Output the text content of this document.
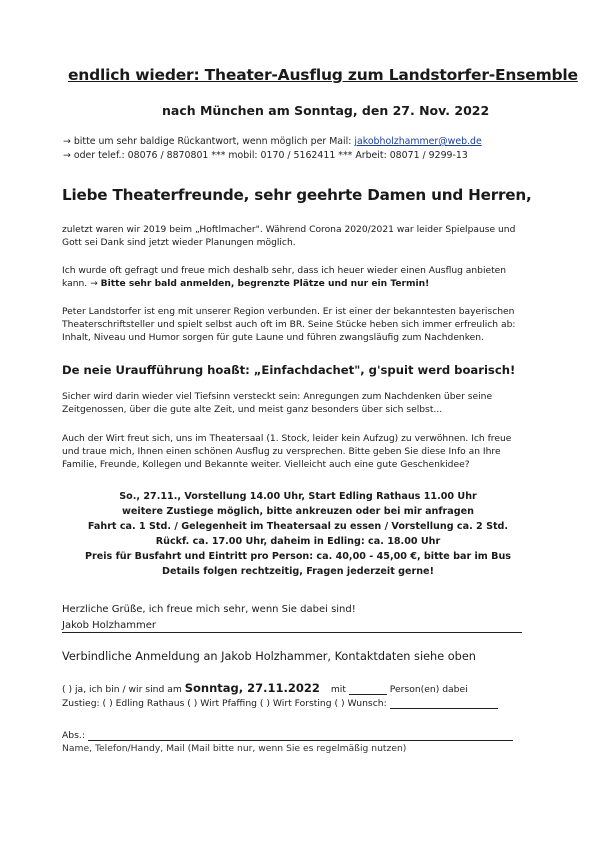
endlich wieder: Theater-Ausflug zum Landstorfer-Ensemble
nach München am Sonntag, den 27. Nov. 2022
→ bitte um sehr baldige Rückantwort, wenn möglich per Mail: jakobholzhammer@web.de
→ oder telef.: 08076 / 8870801 *** mobil: 0170 / 5162411 *** Arbeit: 08071 / 9299-13
Liebe Theaterfreunde, sehr geehrte Damen und Herren,
zuletzt waren wir 2019 beim „Hoftlmacher". Während Corona 2020/2021 war leider Spielpause und
Gott sei Dank sind jetzt wieder Planungen möglich.
Ich wurde oft gefragt und freue mich deshalb sehr, dass ich heuer wieder einen Ausflug anbieten
kann. → Bitte sehr bald anmelden, begrenzte Plätze und nur ein Termin!
Peter Landstorfer ist eng mit unserer Region verbunden. Er ist einer der bekanntesten bayerischen
Theaterschriftsteller und spielt selbst auch oft im BR. Seine Stücke heben sich immer erfreulich ab:
Inhalt, Niveau und Humor sorgen für gute Laune und führen zwangsläufig zum Nachdenken.
De neie Uraufführung hoaßt: „Einfachdachet", g'spuit werd boarisch!
Sicher wird darin wieder viel Tiefsinn versteckt sein: Anregungen zum Nachdenken über seine
Zeitgenossen, über die gute alte Zeit, und meist ganz besonders über sich selbst...
Auch der Wirt freut sich, uns im Theatersaal (1. Stock, leider kein Aufzug) zu verwöhnen. Ich freue
und traue mich, Ihnen einen schönen Ausflug zu versprechen. Bitte geben Sie diese Info an Ihre
Familie, Freunde, Kollegen und Bekannte weiter. Vielleicht auch eine gute Geschenkidee?
So., 27.11., Vorstellung 14.00 Uhr, Start Edling Rathaus 11.00 Uhr
weitere Zustiege möglich, bitte ankreuzen oder bei mir anfragen
Fahrt ca. 1 Std. / Gelegenheit im Theatersaal zu essen / Vorstellung ca. 2 Std.
Rückf. ca. 17.00 Uhr, daheim in Edling: ca. 18.00 Uhr
Preis für Busfahrt und Eintritt pro Person: ca. 40,00 - 45,00 €, bitte bar im Bus
Details folgen rechtzeitig, Fragen jederzeit gerne!
Herzliche Grüße, ich freue mich sehr, wenn Sie dabei sind!
Jakob Holzhammer
Verbindliche Anmeldung an Jakob Holzhammer, Kontaktdaten siehe oben
( ) ja, ich bin / wir sind am Sonntag, 27.11.2022 mit	Person(en) dabei
Zustieg: ( ) Edling Rathaus ( ) Wirt Pfaffing ( ) Wirt Forsting ( ) Wunsch:
Abs.:
Name, Telefon/Handy, Mail (Mail bitte nur, wenn Sie es regelmäßig nutzen)
